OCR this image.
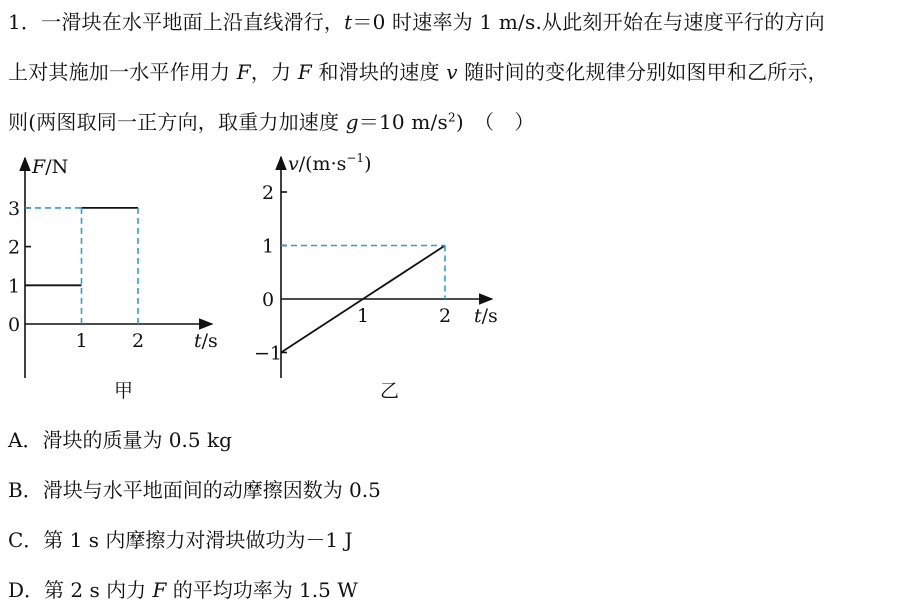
1．一滑块在水平地面上沿直线滑行，t＝0 时速率为 1 m/s.从此刻开始在与速度平行的方向
上对其施加一水平作用力 F，力 F 和滑块的速度 v 随时间的变化规律分别如图甲和乙所示，
则(两图取同一正方向，取重力加速度 g＝10 $m/s^2$)　（　）
0
1
2
3
1 2
F/N
t/s
甲
2
1
0
−1
1	2
$v/(m\cdot s^{-1})$
t/s
乙
A．滑块的质量为 0.5 kg
B．滑块与水平地面间的动摩擦因数为 0.5
C．第 1 s 内摩擦力对滑块做功为－1 J
D．第 2 s 内力 F 的平均功率为 1.5 W
